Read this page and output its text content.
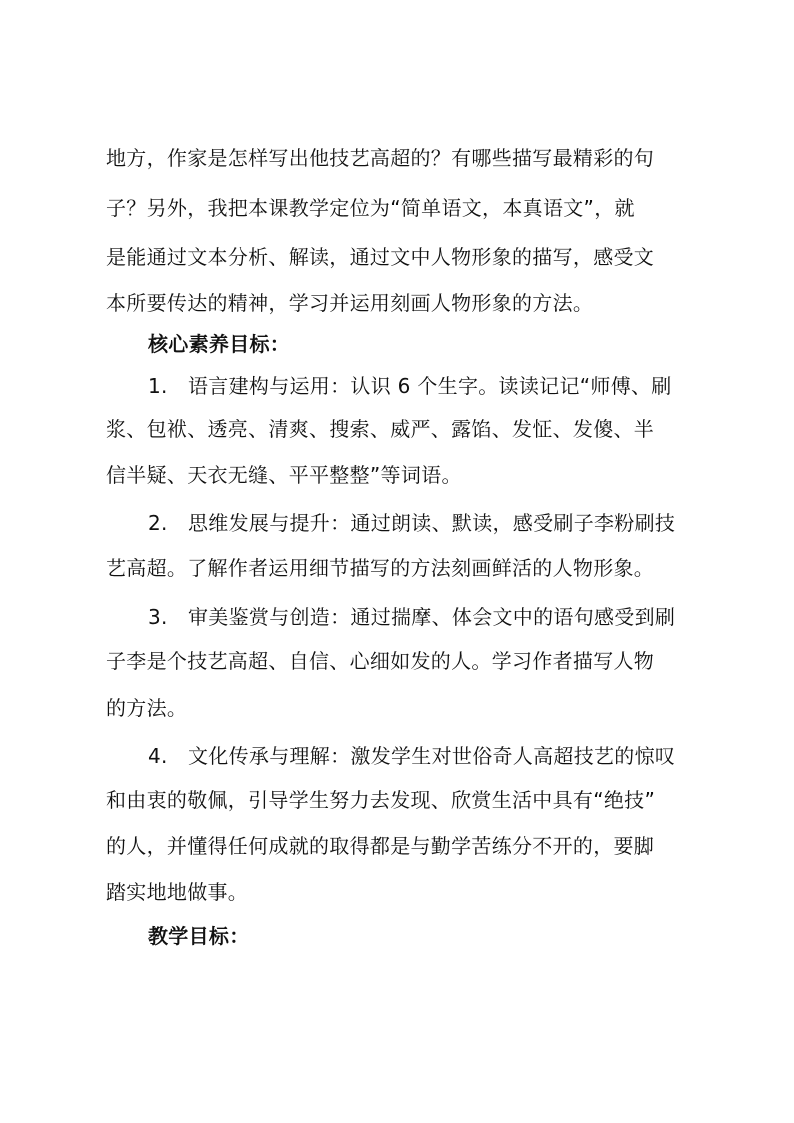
地方，作家是怎样写出他技艺高超的？有哪些描写最精彩的句
子？另外，我把本课教学定位为“简单语文，本真语文”，就
是能通过文本分析、解读，通过文中人物形象的描写，感受文
本所要传达的精神，学习并运用刻画人物形象的方法。
核心素养目标：
1. 语言建构与运用：认识 6 个生字。读读记记“师傅、刷
浆、包袱、透亮、清爽、搜索、威严、露馅、发怔、发傻、半
信半疑、天衣无缝、平平整整”等词语。
2. 思维发展与提升：通过朗读、默读，感受刷子李粉刷技
艺高超。了解作者运用细节描写的方法刻画鲜活的人物形象。
3. 审美鉴赏与创造：通过揣摩、体会文中的语句感受到刷
子李是个技艺高超、自信、心细如发的人。学习作者描写人物
的方法。
4. 文化传承与理解：激发学生对世俗奇人高超技艺的惊叹
和由衷的敬佩，引导学生努力去发现、欣赏生活中具有“绝技”
的人，并懂得任何成就的取得都是与勤学苦练分不开的，要脚
踏实地地做事。
教学目标：
